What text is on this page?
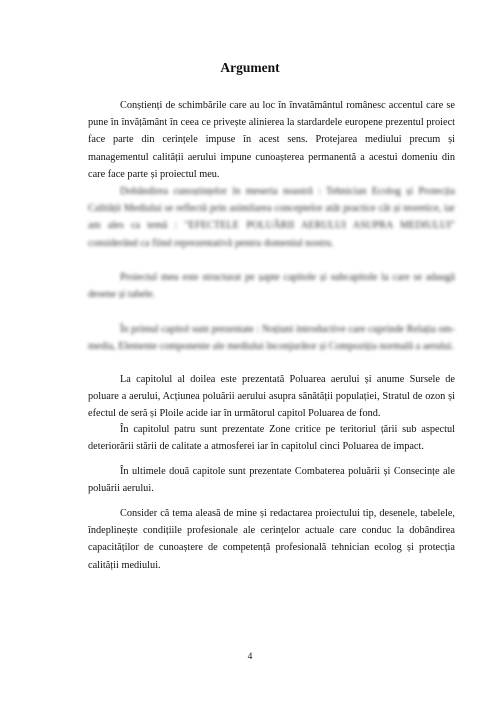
Argument

Conștienți de schimbările care au loc în învatământul românesc accentul care se pune în învățământ în ceea ce privește alinierea la stardardele europene prezentul proiect face parte din cerințele impuse în acest sens. Protejarea mediului precum și managementul calității aerului impune cunoașterea permanentă a acestui domeniu din care face parte și proiectul meu.

Dobândirea cunoștințelor în meseria noastră : Tehnician Ecolog și Protecția Calității Mediului se reflectă prin asimilarea conceptelor atât practice cât și teoretice, iar am ales ca temă : "EFECTELE POLUĂRII AERULUI ASUPRA MEDIULUI" considerând ca fiind reprezentativă pentru domeniul nostru.

Proiectul meu este structurat pe șapte capitole și subcapitole la care se adaugă desene și tabele.

În primul capitol sunt prezentate : Noțiuni introductive care cuprinde Relația om-media, Elemente componente ale mediului înconjurător și Compoziția normală a aerului.

La capitolul al doilea este prezentată Poluarea aerului și anume Sursele de poluare a aerului, Acțiunea poluării aerului asupra sănătății populației, Stratul de ozon și efectul de seră și Ploile acide iar în următorul capitol Poluarea de fond.

În capitolul patru sunt prezentate Zone critice pe teritoriul țării sub aspectul deteriorării stării de calitate a atmosferei iar în capitolul cinci Poluarea de impact.

În ultimele două capitole sunt prezentate Combaterea poluării și Consecințe ale poluării aerului.

Consider că tema aleasă de mine și redactarea proiectului tip, desenele, tabelele, îndeplinește condițiile profesionale ale cerințelor actuale care conduc la dobândirea capacităților de cunoaștere de competență profesională tehnician ecolog și protecția calității mediului.

4
